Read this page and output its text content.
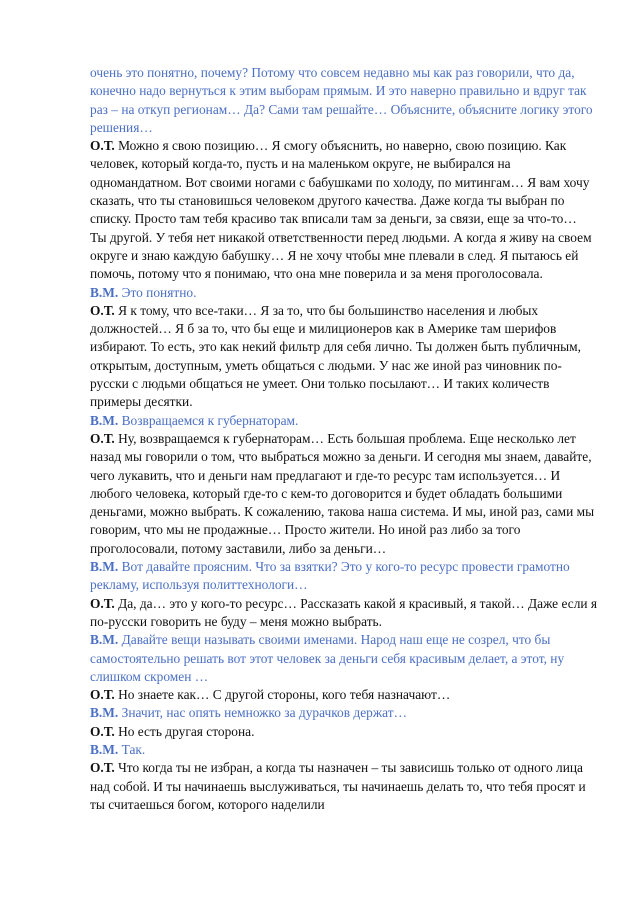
очень это понятно, почему? Потому что совсем недавно мы как раз говорили, что да, конечно надо вернуться к этим выборам прямым. И это наверно правильно и вдруг так раз – на откуп регионам… Да? Сами там решайте… Объясните, объясните логику этого решения…

О.Т. Можно я свою позицию… Я смогу объяснить, но наверно, свою позицию. Как человек, который когда-то, пусть и на маленьком округе, не выбирался на одномандатном. Вот своими ногами с бабушками по холоду, по митингам… Я вам хочу сказать, что ты становишься человеком другого качества. Даже когда ты выбран по списку. Просто там тебя красиво так вписали там за деньги, за связи, еще за что-то…

Ты другой. У тебя нет никакой ответственности перед людьми. А когда я живу на своем округе и знаю каждую бабушку… Я не хочу чтобы мне плевали в след. Я пытаюсь ей помочь, потому что я понимаю, что она мне поверила и за меня проголосовала.

В.М. Это понятно.

О.Т. Я к тому, что все-таки… Я за то, что бы большинство населения и любых должностей… Я б за то, что бы еще и милиционеров как в Америке там шерифов избирают. То есть, это как некий фильтр для себя лично. Ты должен быть публичным, открытым, доступным, уметь общаться с людьми. У нас же иной раз чиновник по-русски с людьми общаться не умеет. Они только посылают… И таких количеств примеры десятки.

В.М. Возвращаемся к губернаторам.

О.Т. Ну, возвращаемся к губернаторам… Есть большая проблема. Еще несколько лет назад мы говорили о том, что выбраться можно за деньги. И сегодня мы знаем, давайте, чего лукавить, что и деньги нам предлагают и где-то ресурс там используется… И любого человека, который где-то с кем-то договорится и будет обладать большими деньгами, можно выбрать. К сожалению, такова наша система. И мы, иной раз, сами мы говорим, что мы не продажные… Просто жители. Но иной раз либо за того проголосовали, потому заставили, либо за деньги…

В.М. Вот давайте проясним. Что за взятки? Это у кого-то ресурс провести грамотно рекламу, используя политтехнологи…

О.Т. Да, да… это у кого-то ресурс… Рассказать какой я красивый, я такой… Даже если я по-русски говорить не буду – меня можно выбрать.

В.М. Давайте вещи называть своими именами. Народ наш еще не созрел, что бы самостоятельно решать вот этот человек за деньги себя красивым делает, а этот, ну слишком скромен …

О.Т. Но знаете как… С другой стороны, кого тебя назначают…

В.М. Значит, нас опять немножко за дурачков держат…

О.Т. Но есть другая сторона.

В.М. Так.

О.Т. Что когда ты не избран, а когда ты назначен – ты зависишь только от одного лица над собой. И ты начинаешь выслуживаться, ты начинаешь делать то, что тебя просят и ты считаешься богом, которого наделили
